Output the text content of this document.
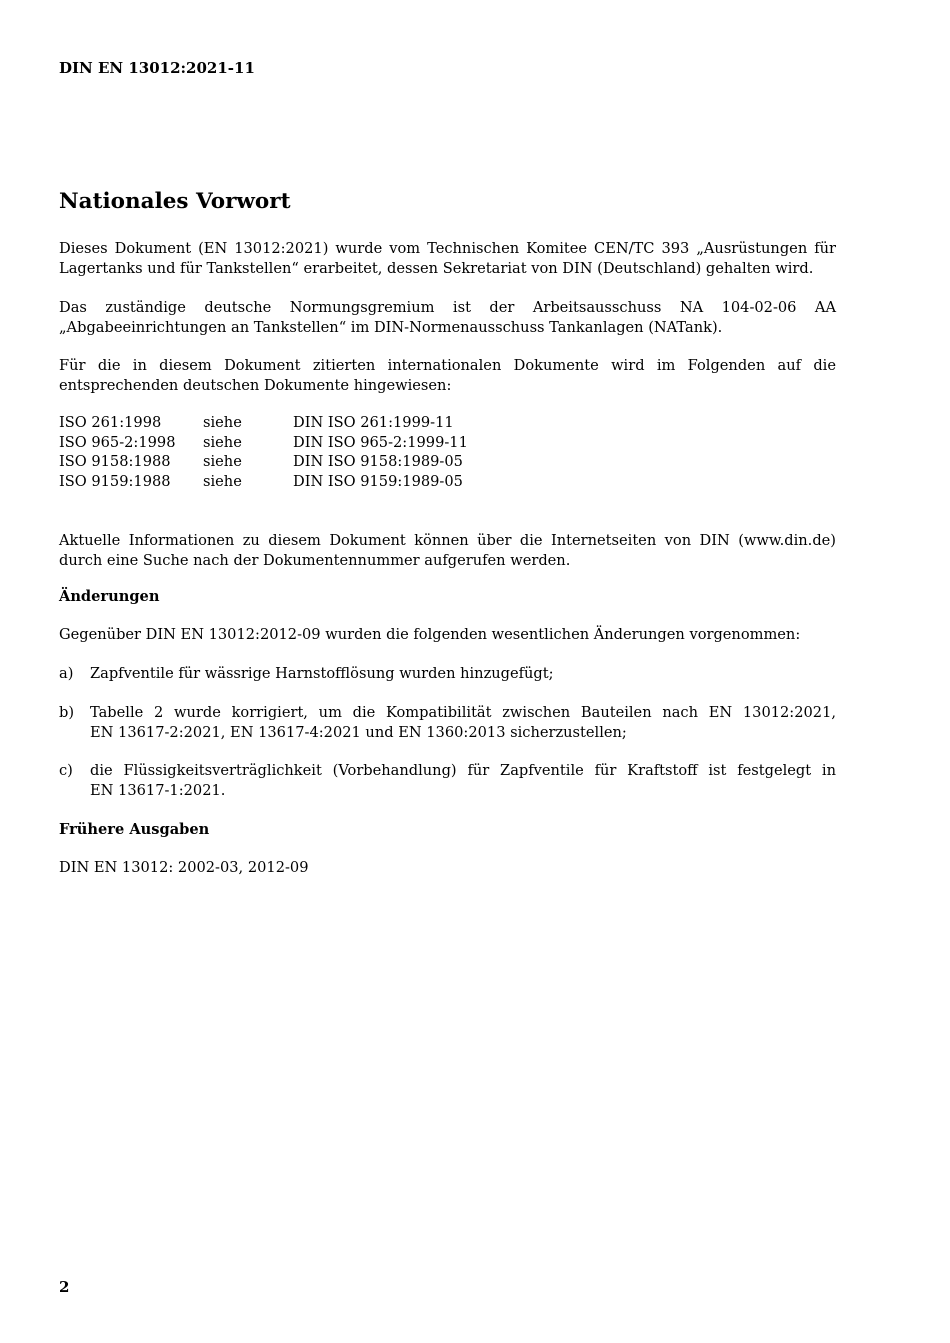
DIN EN 13012:2021-11
Nationales Vorwort

Dieses Dokument (EN 13012:2021) wurde vom Technischen Komitee CEN/TC 393 „Ausrüstungen für Lagertanks und für Tankstellen“ erarbeitet, dessen Sekretariat von DIN (Deutschland) gehalten wird.

Das zuständige deutsche Normungsgremium ist der Arbeitsausschuss NA 104-02-06 AA
„Abgabeeinrichtungen an Tankstellen“ im DIN-Normenausschuss Tankanlagen (NATank).

Für die in diesem Dokument zitierten internationalen Dokumente wird im Folgenden auf die entsprechenden deutschen Dokumente hingewiesen:

ISO 261:1998	siehe	DIN ISO 261:1999-11
ISO 965-2:1998	siehe	DIN ISO 965-2:1999-11
ISO 9158:1988	siehe	DIN ISO 9158:1989-05
ISO 9159:1988	siehe	DIN ISO 9159:1989-05

Aktuelle Informationen zu diesem Dokument können über die Internetseiten von DIN (www.din.de) durch eine Suche nach der Dokumentennummer aufgerufen werden.

Änderungen
Gegenüber DIN EN 13012:2012-09 wurden die folgenden wesentlichen Änderungen vorgenommen:
a)	Zapfventile für wässrige Harnstofflösung wurden hinzugefügt;
b)	Tabelle 2 wurde korrigiert, um die Kompatibilität zwischen Bauteilen nach EN 13012:2021,
EN 13617-2:2021, EN 13617-4:2021 und EN 1360:2013 sicherzustellen;
c)	die Flüssigkeitsverträglichkeit (Vorbehandlung) für Zapfventile für Kraftstoff ist festgelegt in
EN 13617-1:2021.
Frühere Ausgaben
DIN EN 13012: 2002-03, 2012-09
2
